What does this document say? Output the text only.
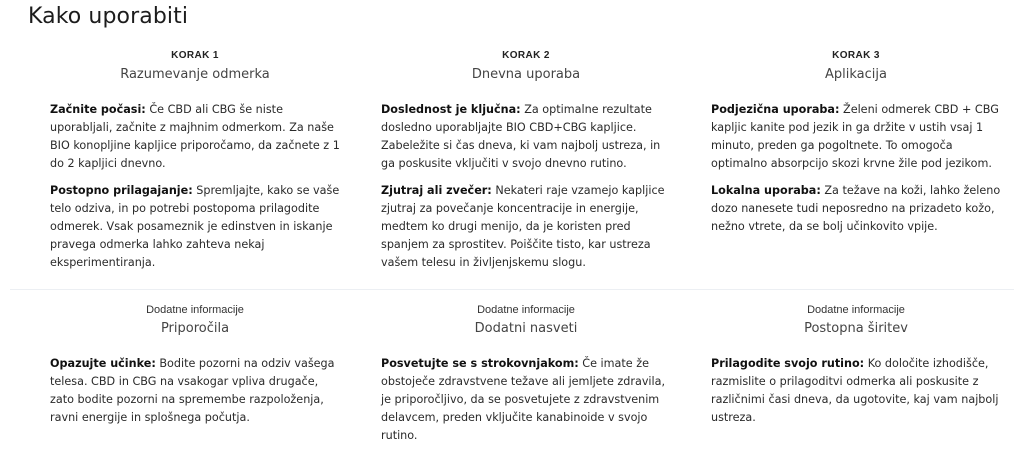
Kako uporabiti
KORAK 1
Razumevanje odmerka

Začnite počasi: Če CBD ali CBG še niste uporabljali, začnite z majhnim odmerkom. Za naše BIO konopljine kapljice priporočamo, da začnete z 1 do 2 kapljici dnevno.

Postopno prilagajanje: Spremljajte, kako se vaše telo odziva, in po potrebi postopoma prilagodite odmerek. Vsak posameznik je edinstven in iskanje pravega odmerka lahko zahteva nekaj eksperimentiranja.

KORAK 2
Dnevna uporaba

Doslednost je ključna: Za optimalne rezultate dosledno uporabljajte BIO CBD+CBG kapljice. Zabeležite si čas dneva, ki vam najbolj ustreza, in ga poskusite vključiti v svojo dnevno rutino.

Zjutraj ali zvečer: Nekateri raje vzamejo kapljice zjutraj za povečanje koncentracije in energije, medtem ko drugi menijo, da je koristen pred spanjem za sprostitev. Poiščite tisto, kar ustreza vašem telesu in življenjskemu slogu.

KORAK 3
Aplikacija

Podjezična uporaba: Želeni odmerek CBD + CBG kapljic kanite pod jezik in ga držite v ustih vsaj 1 minuto, preden ga pogoltnete. To omogoča optimalno absorpcijo skozi krvne žile pod jezikom.

Lokalna uporaba: Za težave na koži, lahko želeno dozo nanesete tudi neposredno na prizadeto kožo, nežno vtrete, da se bolj učinkovito vpije.

Dodatne informacije
Priporočila

Opazujte učinke: Bodite pozorni na odziv vašega telesa. CBD in CBG na vsakogar vpliva drugače, zato bodite pozorni na spremembe razpoloženja, ravni energije in splošnega počutja.

Dodatne informacije
Dodatni nasveti

Posvetujte se s strokovnjakom: Če imate že obstoječe zdravstvene težave ali jemljete zdravila, je priporočljivo, da se posvetujete z zdravstvenim delavcem, preden vključite kanabinoide v svojo rutino.

Dodatne informacije
Postopna širitev

Prilagodite svojo rutino: Ko določite izhodišče, razmislite o prilagoditvi odmerka ali poskusite z različnimi časi dneva, da ugotovite, kaj vam najbolj ustreza.
